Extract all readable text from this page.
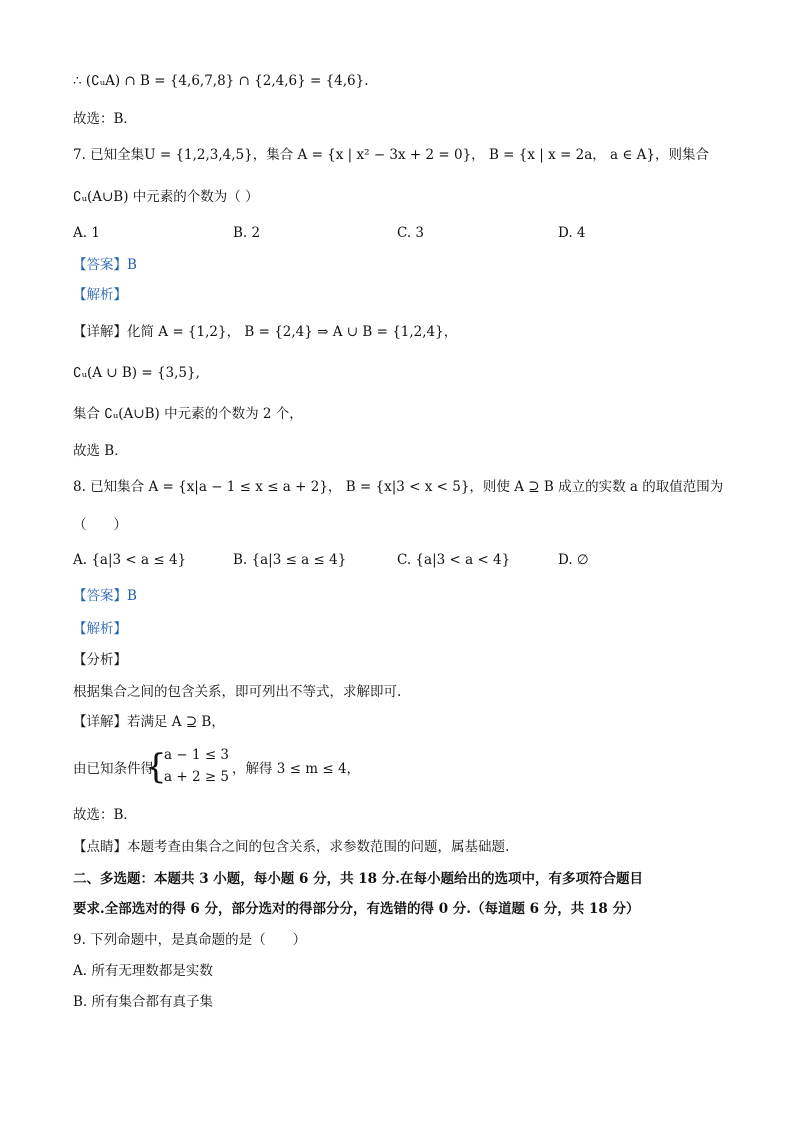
∴ (∁ᵤA) ∩ B = {4,6,7,8} ∩ {2,4,6} = {4,6}.
故选：B．
7. 已知全集U = {1,2,3,4,5}，集合 A = {x | x² − 3x + 2 = 0}， B = {x | x = 2a， a ∈ A}，则集合
∁ᵤ(A∪B) 中元素的个数为（ ）
A. 1	B. 2	C. 3	D. 4
【答案】B
【解析】
【详解】化简 A = {1,2}， B = {2,4} ⇒ A ∪ B = {1,2,4}，
∁ᵤ(A ∪ B) = {3,5},
集合 ∁ᵤ(A∪B) 中元素的个数为 2 个，
故选 B．
8. 已知集合 A = {x|a − 1 ≤ x ≤ a + 2}， B = {x|3 < x < 5}，则使 A ⊇ B 成立的实数 a 的取值范围为
（　　）
A. {a|3 < a ≤ 4}	B. {a|3 ≤ a ≤ 4}	C. {a|3 < a < 4}	D. ∅
【答案】B
【解析】
【分析】
根据集合之间的包含关系，即可列出不等式，求解即可.
【详解】若满足 A ⊇ B，
由已知条件得
{
a − 1 ≤ 3
a + 2 ≥ 5 ，解得 3 ≤ m ≤ 4，
故选：B．
【点睛】本题考查由集合之间的包含关系，求参数范围的问题，属基础题.
二、多选题：本题共 3 小题，每小题 6 分，共 18 分.在每小题给出的选项中，有多项符合题目
要求.全部选对的得 6 分，部分选对的得部分分，有选错的得 0 分.（每道题 6 分，共 18 分）
9. 下列命题中，是真命题的是（　　）
A. 所有无理数都是实数
B. 所有集合都有真子集
